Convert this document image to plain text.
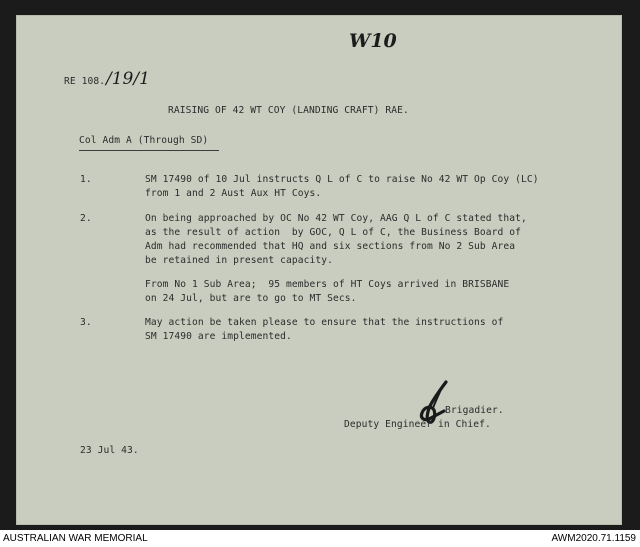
W10
/19/1
RE 108.
RAISING OF 42 WT COY (LANDING CRAFT) RAE.
Col Adm A (Through SD)
1.	SM 17490 of 10 Jul instructs Q L of C to raise No 42 WT Op Coy (LC)
from 1 and 2 Aust Aux HT Coys.
2.	On being approached by OC No 42 WT Coy, AAG Q L of C stated that,
as the result of action  by GOC, Q L of C, the Business Board of
Adm had recommended that HQ and six sections from No 2 Sub Area
be retained in present capacity.
From No 1 Sub Area;  95 members of HT Coys arrived in BRISBANE
on 24 Jul, but are to go to MT Secs.
3.	May action be taken please to ensure that the instructions of
SM 17490 are implemented.
Brigadier.
Deputy Engineer in Chief.
23 Jul 43.
AUSTRALIAN WAR MEMORIAL	AWM2020.71.1159
